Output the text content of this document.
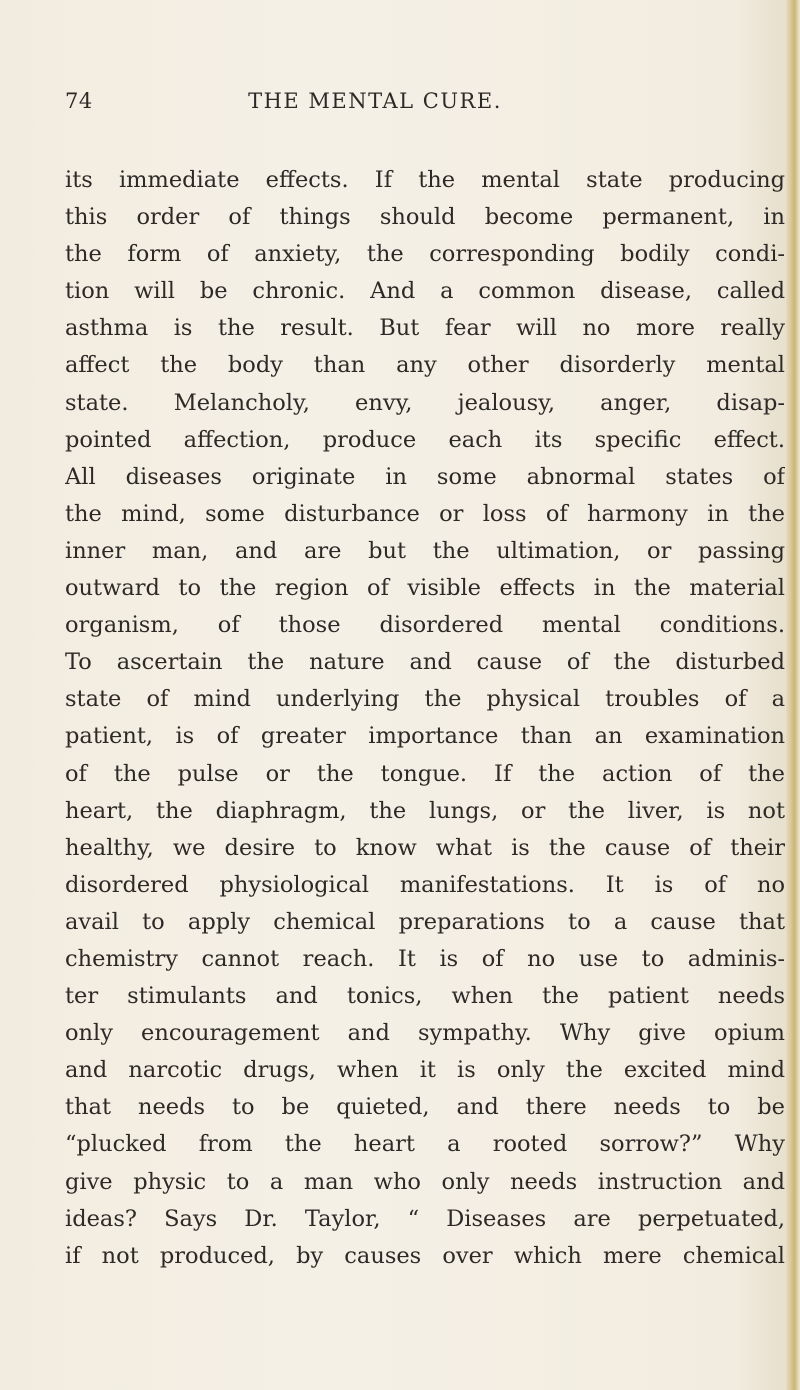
74	THE MENTAL CURE.
its immediate effects. If the mental state producing
this order of things should become permanent, in
the form of anxiety, the corresponding bodily condi-
tion will be chronic. And a common disease, called
asthma is the result. But fear will no more really
affect the body than any other disorderly mental
state. Melancholy, envy, jealousy, anger, disap-
pointed affection, produce each its specific effect.
All diseases originate in some abnormal states of
the mind, some disturbance or loss of harmony in the
inner man, and are but the ultimation, or passing
outward to the region of visible effects in the material
organism, of those disordered mental conditions.
To ascertain the nature and cause of the disturbed
state of mind underlying the physical troubles of a
patient, is of greater importance than an examination
of the pulse or the tongue. If the action of the
heart, the diaphragm, the lungs, or the liver, is not
healthy, we desire to know what is the cause of their
disordered physiological manifestations. It is of no
avail to apply chemical preparations to a cause that
chemistry cannot reach. It is of no use to adminis-
ter stimulants and tonics, when the patient needs
only encouragement and sympathy. Why give opium
and narcotic drugs, when it is only the excited mind
that needs to be quieted, and there needs to be
“plucked from the heart a rooted sorrow?” Why
give physic to a man who only needs instruction and
ideas? Says Dr. Taylor, “ Diseases are perpetuated,
if not produced, by causes over which mere chemical
